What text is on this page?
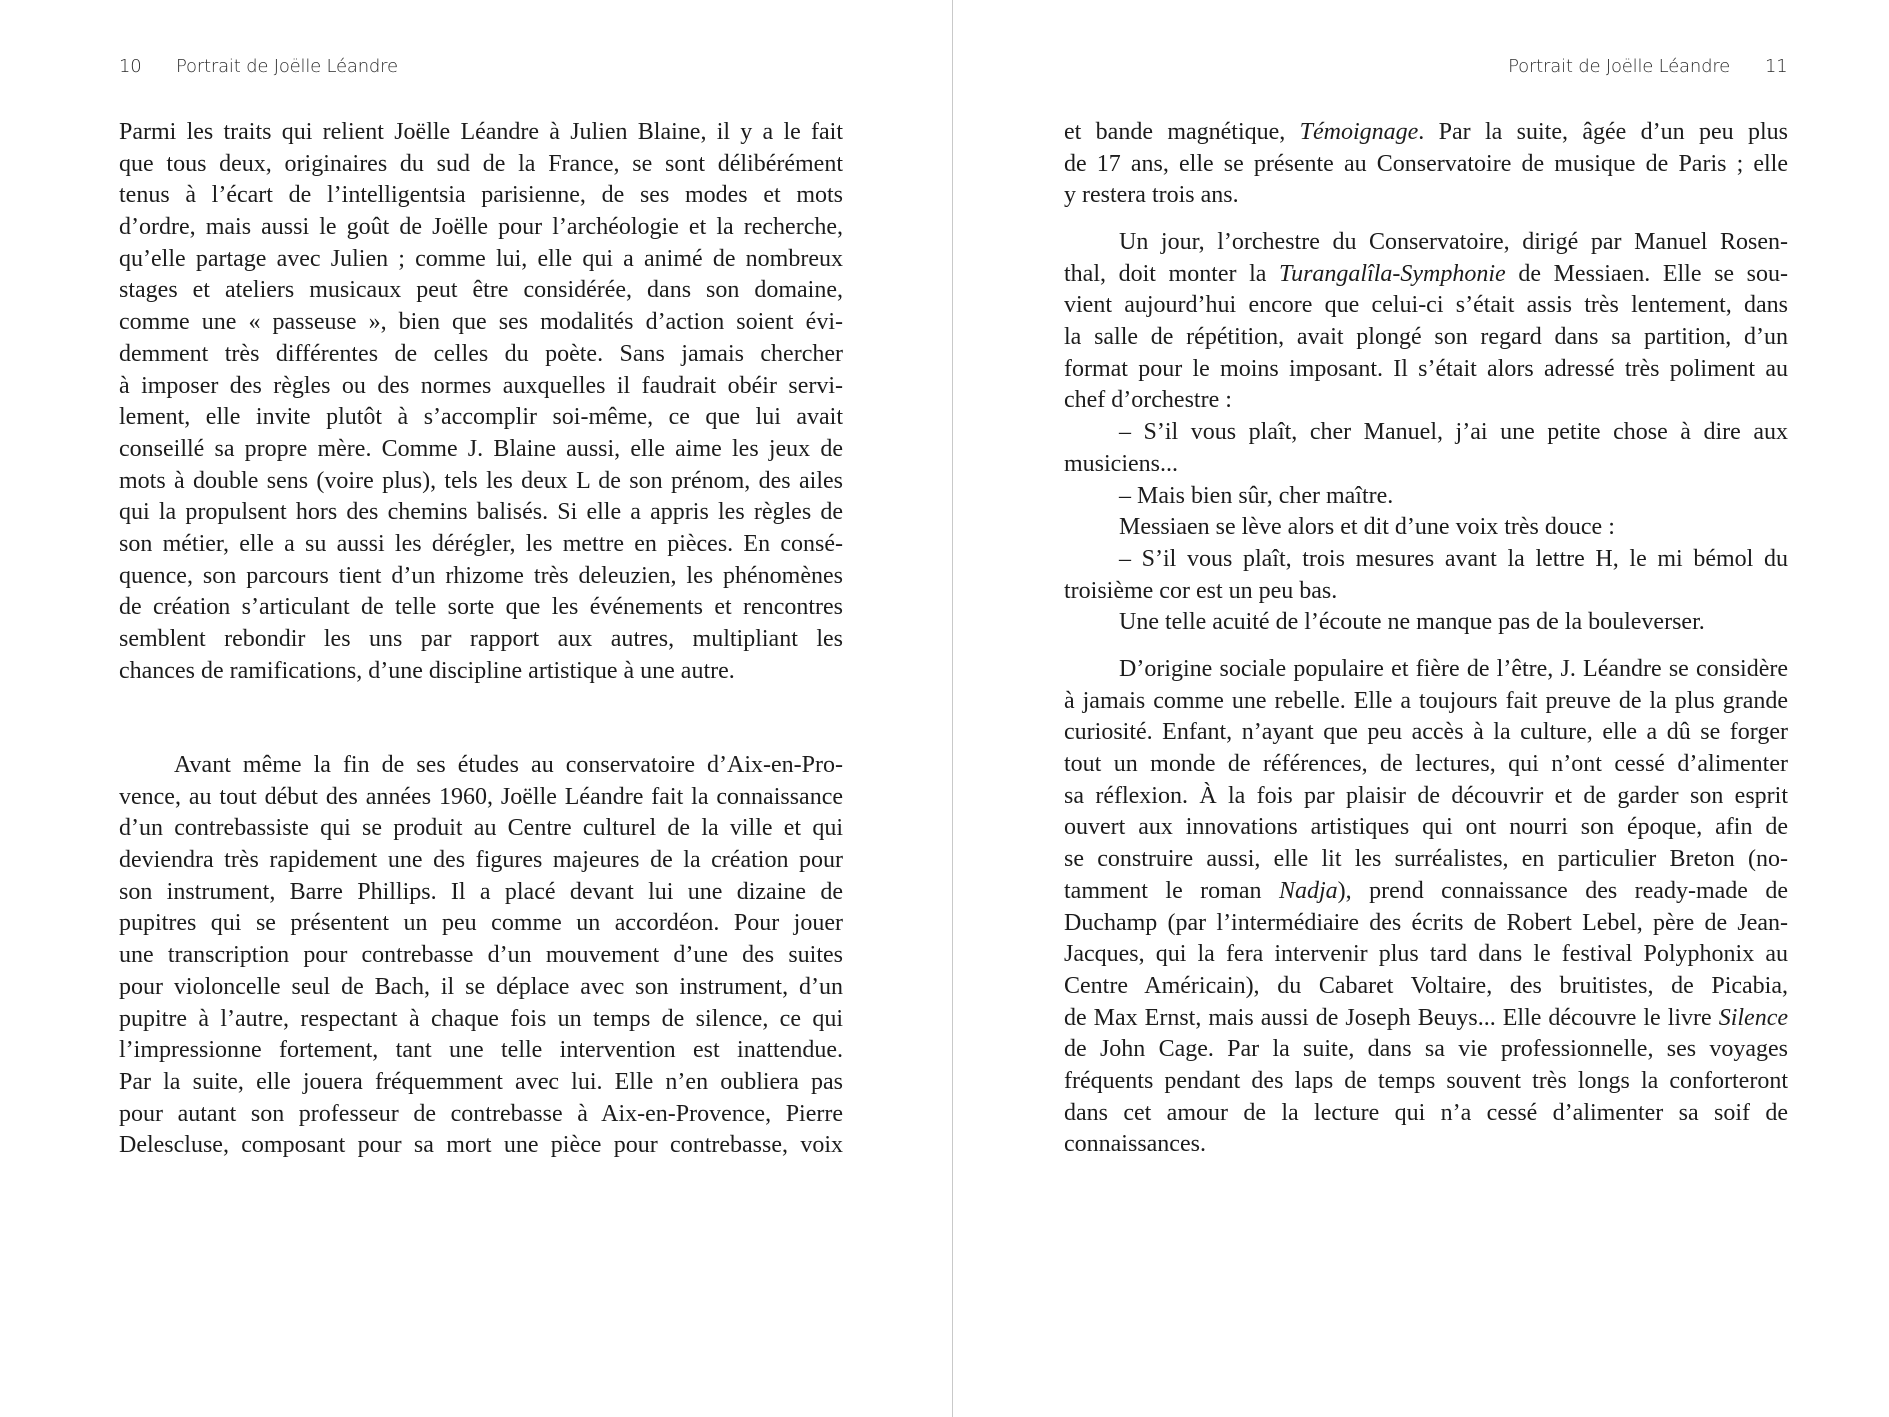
10 Portrait de Joëlle Léandre	Portrait de Joëlle Léandre 11
Parmi les traits qui relient Joëlle Léandre à Julien Blaine, il y a le fait
que tous deux, originaires du sud de la France, se sont délibérément
tenus à l’écart de l’intelligentsia parisienne, de ses modes et mots
d’ordre, mais aussi le goût de Joëlle pour l’archéologie et la recherche,
qu’elle partage avec Julien ; comme lui, elle qui a animé de nombreux
stages et ateliers musicaux peut être considérée, dans son domaine,
comme une « passeuse », bien que ses modalités d’action soient évi-
demment très différentes de celles du poète. Sans jamais chercher
à imposer des règles ou des normes auxquelles il faudrait obéir servi-
lement, elle invite plutôt à s’accomplir soi-même, ce que lui avait
conseillé sa propre mère. Comme J. Blaine aussi, elle aime les jeux de
mots à double sens (voire plus), tels les deux L de son prénom, des ailes
qui la propulsent hors des chemins balisés. Si elle a appris les règles de
son métier, elle a su aussi les dérégler, les mettre en pièces. En consé-
quence, son parcours tient d’un rhizome très deleuzien, les phénomènes
de création s’articulant de telle sorte que les événements et rencontres
semblent rebondir les uns par rapport aux autres, multipliant les
chances de ramifications, d’une discipline artistique à une autre.
Avant même la fin de ses études au conservatoire d’Aix-en-Pro-
vence, au tout début des années 1960, Joëlle Léandre fait la connaissance
d’un contrebassiste qui se produit au Centre culturel de la ville et qui
deviendra très rapidement une des figures majeures de la création pour
son instrument, Barre Phillips. Il a placé devant lui une dizaine de
pupitres qui se présentent un peu comme un accordéon. Pour jouer
une transcription pour contrebasse d’un mouvement d’une des suites
pour violoncelle seul de Bach, il se déplace avec son instrument, d’un
pupitre à l’autre, respectant à chaque fois un temps de silence, ce qui
l’impressionne fortement, tant une telle intervention est inattendue.
Par la suite, elle jouera fréquemment avec lui. Elle n’en oubliera pas
pour autant son professeur de contrebasse à Aix-en-Provence, Pierre
Delescluse, composant pour sa mort une pièce pour contrebasse, voix
et bande magnétique, Témoignage. Par la suite, âgée d’un peu plus
de 17 ans, elle se présente au Conservatoire de musique de Paris ; elle
y restera trois ans.
Un jour, l’orchestre du Conservatoire, dirigé par Manuel Rosen-
thal, doit monter la Turangalîla-Symphonie de Messiaen. Elle se sou-
vient aujourd’hui encore que celui-ci s’était assis très lentement, dans
la salle de répétition, avait plongé son regard dans sa partition, d’un
format pour le moins imposant. Il s’était alors adressé très poliment au
chef d’orchestre :
– S’il vous plaît, cher Manuel, j’ai une petite chose à dire aux
musiciens...
– Mais bien sûr, cher maître.
Messiaen se lève alors et dit d’une voix très douce :
– S’il vous plaît, trois mesures avant la lettre H, le mi bémol du
troisième cor est un peu bas.
Une telle acuité de l’écoute ne manque pas de la bouleverser.
D’origine sociale populaire et fière de l’être, J. Léandre se considère
à jamais comme une rebelle. Elle a toujours fait preuve de la plus grande
curiosité. Enfant, n’ayant que peu accès à la culture, elle a dû se forger
tout un monde de références, de lectures, qui n’ont cessé d’alimenter
sa réflexion. À la fois par plaisir de découvrir et de garder son esprit
ouvert aux innovations artistiques qui ont nourri son époque, afin de
se construire aussi, elle lit les surréalistes, en particulier Breton (no-
tamment le roman Nadja), prend connaissance des ready-made de
Duchamp (par l’intermédiaire des écrits de Robert Lebel, père de Jean-
Jacques, qui la fera intervenir plus tard dans le festival Polyphonix au
Centre Américain), du Cabaret Voltaire, des bruitistes, de Picabia,
de Max Ernst, mais aussi de Joseph Beuys... Elle découvre le livre Silence
de John Cage. Par la suite, dans sa vie professionnelle, ses voyages
fréquents pendant des laps de temps souvent très longs la conforteront
dans cet amour de la lecture qui n’a cessé d’alimenter sa soif de
connaissances.
